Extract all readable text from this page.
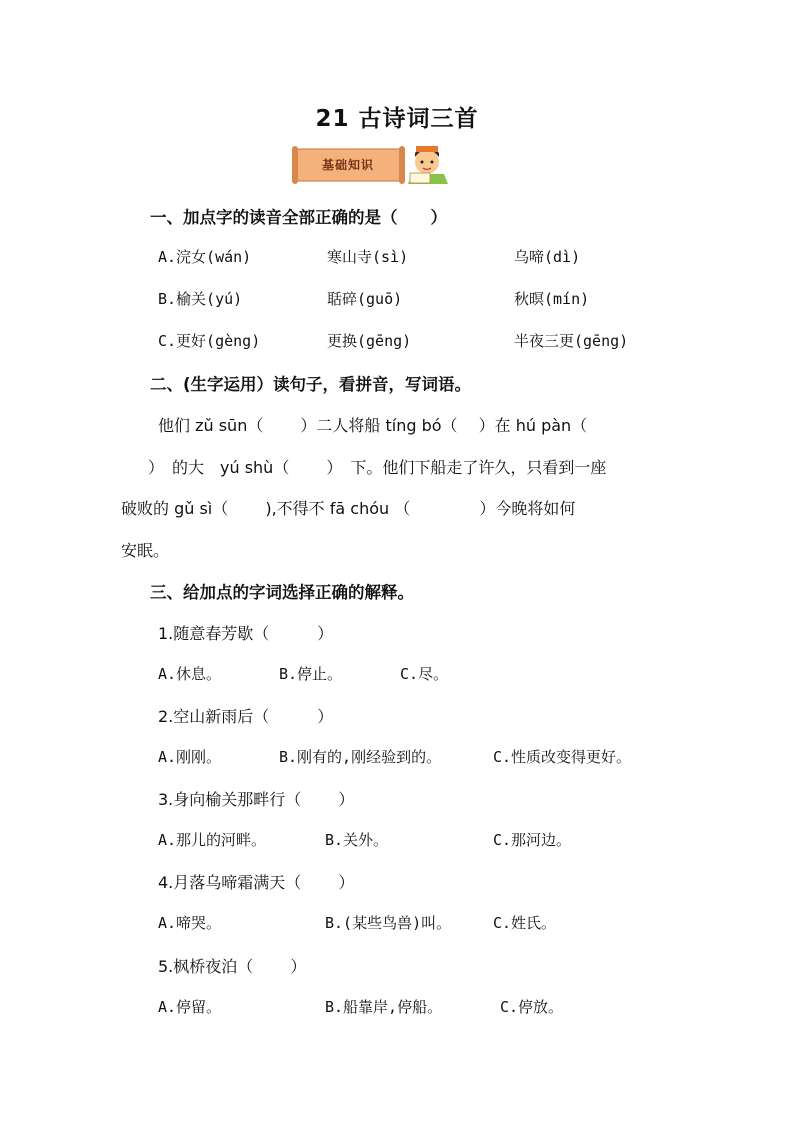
21 古诗词三首
基础知识
一、加点字的读音全部正确的是（　　）
A.浣女(wán)	寒山寺(sì)	乌啼(dì)
B.榆关(yú)	聒碎(guō)	秋暝(mín)
C.更好(gèng)	更换(gēng)	半夜三更(gēng)
二、(生字运用）读句子，看拼音，写词语。
他们 zǔ sūn（　　 ）二人将船 tíng bó（　 ）在 hú pàn（
）　的大　yú shù（　　 ）　下。他们下船走了许久，只看到一座
破败的 gǔ sì（　　 ),不得不 fā chóu （　　　　 ）今晚将如何
安眠。
三、给加点的字词选择正确的解释。
1.随意春芳歇（　　　）
A.休息。	B.停止。	C.尽。
2.空山新雨后（　　　）
A.刚刚。	B.刚有的,刚经验到的。	C.性质改变得更好。
3.身向榆关那畔行（　　 ）
A.那儿的河畔。	B.关外。	C.那河边。
4.月落乌啼霜满天（　　 ）
A.啼哭。	B.(某些鸟兽)叫。	C.姓氏。
5.枫桥夜泊（　　 ）
A.停留。	B.船靠岸,停船。	C.停放。
